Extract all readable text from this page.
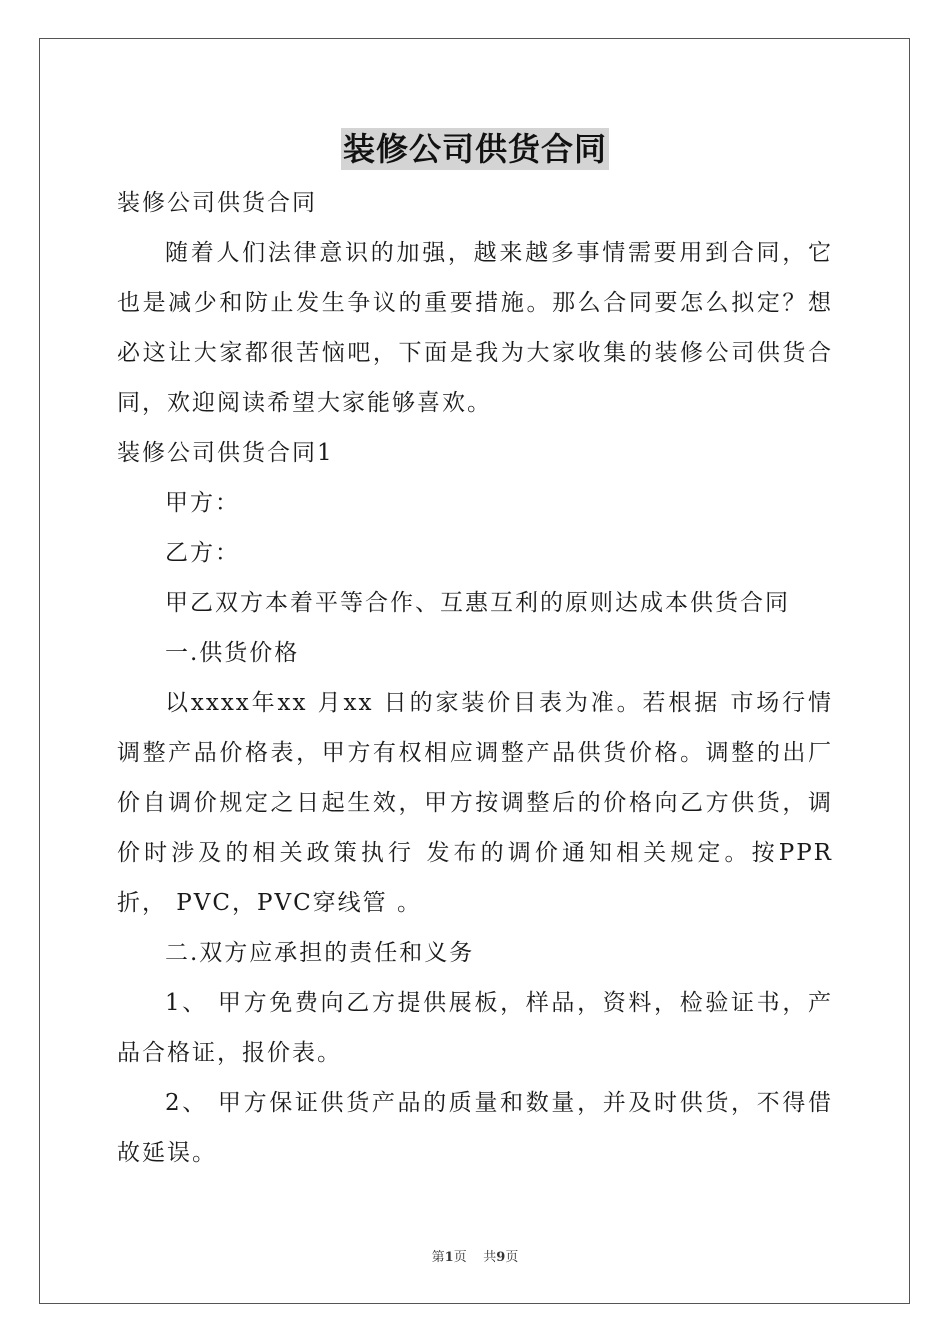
装修公司供货合同

装修公司供货合同

随着人们法律意识的加强，越来越多事情需要用到合同，它也是减少和防止发生争议的重要措施。那么合同要怎么拟定？想必这让大家都很苦恼吧，下面是我为大家收集的装修公司供货合同，欢迎阅读希望大家能够喜欢。

装修公司供货合同1

甲方：

乙方：

甲乙双方本着平等合作、互惠互利的原则达成本供货合同

一.供货价格

以xxxx年xx 月xx 日的家装价目表为准。若根据 市场行情调整产品价格表，甲方有权相应调整产品供货价格。调整的出厂价自调价规定之日起生效，甲方按调整后的价格向乙方供货，调价时涉及的相关政策执行 发布的调价通知相关规定。按PPR 折， PVC，PVC穿线管 。

二.双方应承担的责任和义务

1、 甲方免费向乙方提供展板，样品，资料，检验证书，产品合格证，报价表。

2、 甲方保证供货产品的质量和数量，并及时供货，不得借故延误。

第1页 共9页
